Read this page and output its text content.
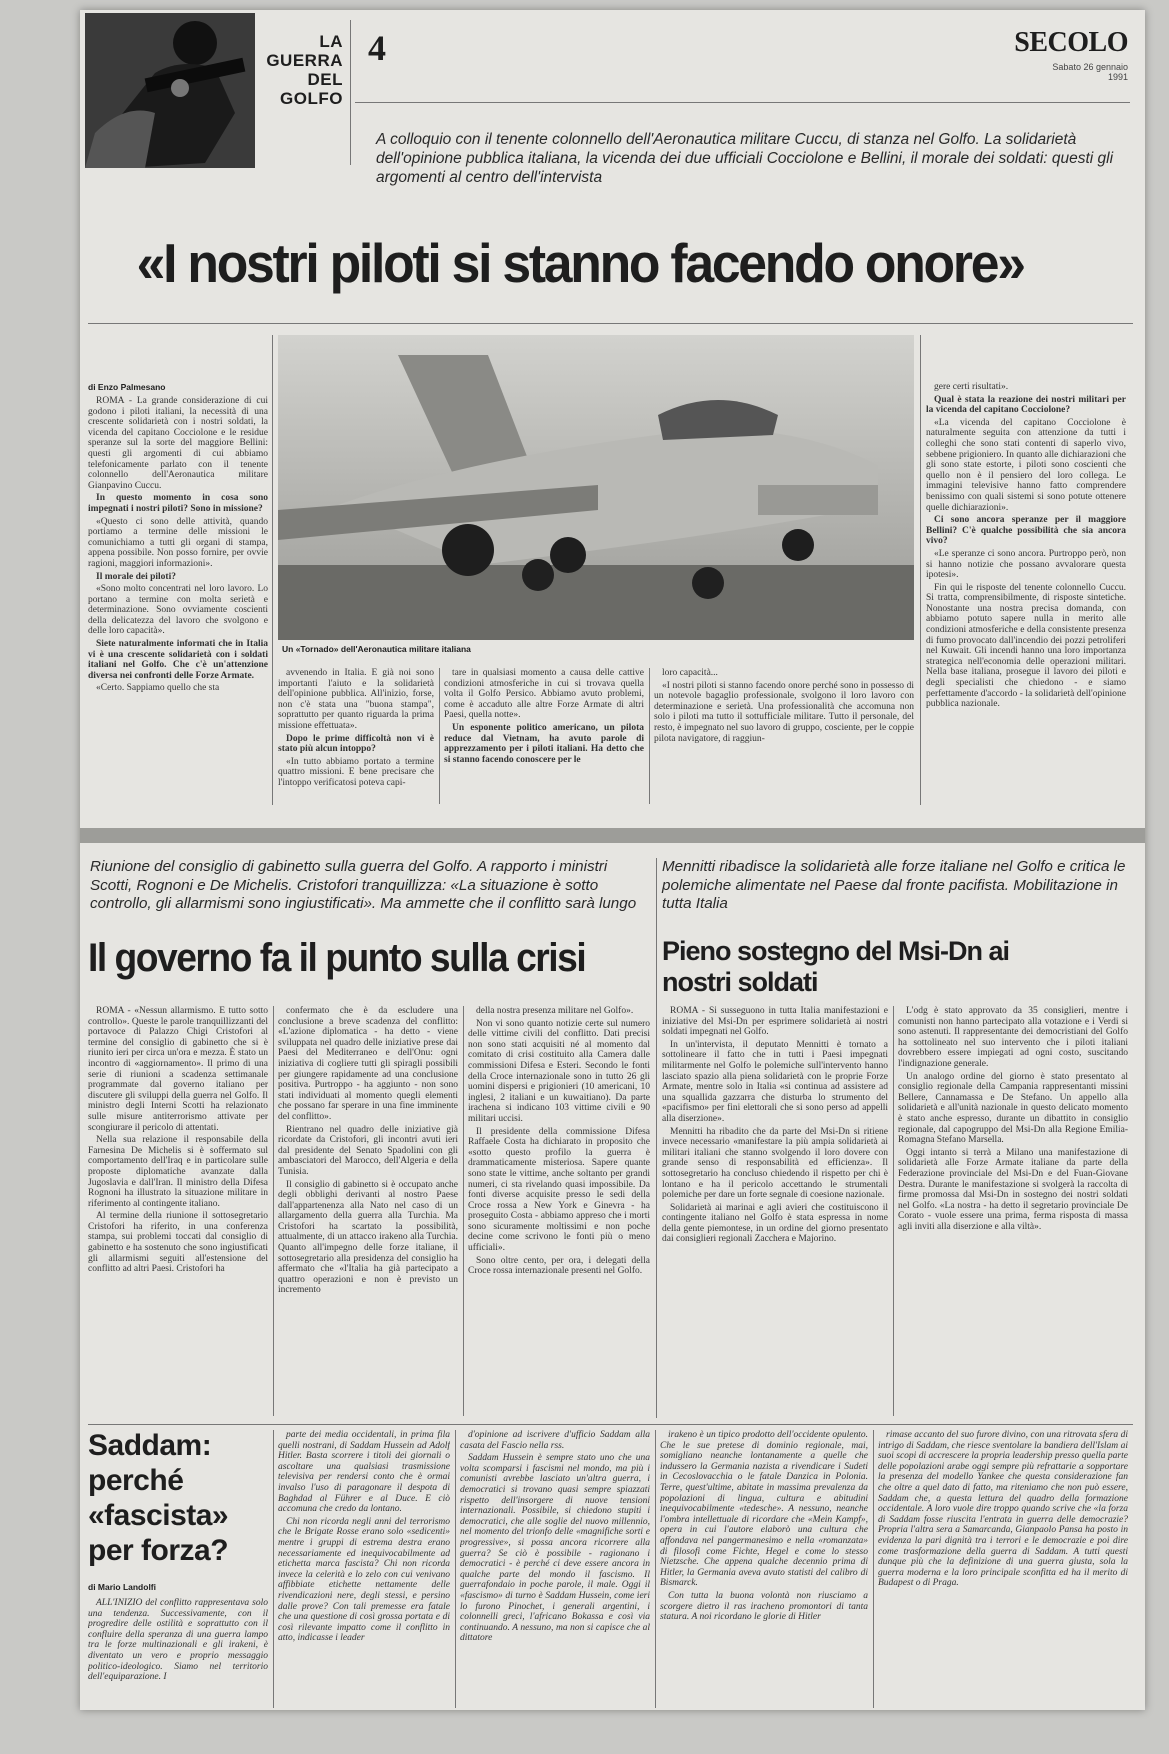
LA GUERRA DEL GOLFO
4	SECOLO
Sabato 26 gennaio 1991
A colloquio con il tenente colonnello dell'Aeronautica militare Cuccu, di stanza nel Golfo. La solidarietà dell'opinione pubblica italiana, la vicenda dei due ufficiali Cocciolone e Bellini, il morale dei soldati: questi gli argomenti al centro dell'intervista
«I nostri piloti si stanno facendo onore»
di Enzo Palmesano

ROMA - La grande considerazione di cui godono i piloti italiani, la necessità di una crescente solidarietà con i nostri soldati, la vicenda del capitano Cocciolone e le residue speranze sul la sorte del maggiore Bellini: questi gli argomenti di cui abbiamo telefonicamente parlato con il tenente colonnello dell'Aeronautica militare Gianpavino Cuccu.

In questo momento in cosa sono impegnati i nostri piloti? Sono in missione?

«Questo ci sono delle attività, quando portiamo a termine delle missioni le comunichiamo a tutti gli organi di stampa, appena possibile. Non posso fornire, per ovvie ragioni, maggiori informazioni».

Il morale dei piloti?

«Sono molto concentrati nel loro lavoro. Lo portano a termine con molta serietà e determinazione. Sono ovviamente coscienti della delicatezza del lavoro che svolgono e delle loro capacità».

Siete naturalmente informati che in Italia vi è una crescente solidarietà con i soldati italiani nel Golfo. Che c'è un'attenzione diversa nei confronti delle Forze Armate.

«Certo. Sappiamo quello che sta

Un «Tornado» dell'Aeronautica militare italiana

gere certi risultati».

Qual è stata la reazione dei nostri militari per la vicenda del capitano Cocciolone?

«La vicenda del capitano Cocciolone è naturalmente seguita con attenzione da tutti i colleghi che sono stati contenti di saperlo vivo, sebbene prigioniero. In quanto alle dichiarazioni che gli sono state estorte, i piloti sono coscienti che quello non è il pensiero del loro collega. Le immagini televisive hanno fatto comprendere benissimo con quali sistemi si sono potute ottenere quelle dichiarazioni».

Ci sono ancora speranze per il maggiore Bellini? C'è qualche possibilità che sia ancora vivo?

«Le speranze ci sono ancora. Purtroppo però, non si hanno notizie che possano avvalorare questa ipotesi».

Fin qui le risposte del tenente colonnello Cuccu. Si tratta, comprensibilmente, di risposte sintetiche. Nonostante una nostra precisa domanda, con abbiamo potuto sapere nulla in merito alle condizioni atmosferiche e della consistente presenza di fumo provocato dall'incendio dei pozzi petroliferi nel Kuwait. Gli incendi hanno una loro importanza strategica nell'economia delle operazioni militari. Nella base italiana, prosegue il lavoro dei piloti e degli specialisti che chiedono - e siamo perfettamente d'accordo - la solidarietà dell'opinione pubblica nazionale.

avvenendo in Italia. E già noi sono importanti l'aiuto e la solidarietà dell'opinione pubblica. All'inizio, forse, non c'è stata una "buona stampa", soprattutto per quanto riguarda la prima missione effettuata».

Dopo le prime difficoltà non vi è stato più alcun intoppo?

«In tutto abbiamo portato a termine quattro missioni. E bene precisare che l'intoppo verificatosi poteva capi-

tare in qualsiasi momento a causa delle cattive condizioni atmosferiche in cui si trovava quella volta il Golfo Persico. Abbiamo avuto problemi, come è accaduto alle altre Forze Armate di altri Paesi, quella notte».

Un esponente politico americano, un pilota reduce dal Vietnam, ha avuto parole di apprezzamento per i piloti italiani. Ha detto che si stanno facendo conoscere per le

loro capacità...

«I nostri piloti si stanno facendo onore perché sono in possesso di un notevole bagaglio professionale, svolgono il loro lavoro con determinazione e serietà. Una professionalità che accomuna non solo i piloti ma tutto il sottufficiale militare. Tutto il personale, del resto, è impegnato nel suo lavoro di gruppo, cosciente, per le coppie pilota navigatore, di raggiun-

Riunione del consiglio di gabinetto sulla guerra del Golfo. A rapporto i ministri Scotti, Rognoni e De Michelis. Cristofori tranquillizza: «La situazione è sotto controllo, gli allarmismi sono ingiustificati». Ma ammette che il conflitto sarà lungo
Il governo fa il punto sulla crisi

ROMA - «Nessun allarmismo. E tutto sotto controllo». Queste le parole tranquillizzanti del portavoce di Palazzo Chigi Cristofori al termine del consiglio di gabinetto che si è riunito ieri per circa un'ora e mezza. È stato un incontro di «aggiornamento». Il primo di una serie di riunioni a scadenza settimanale programmate dal governo italiano per discutere gli sviluppi della guerra nel Golfo. Il ministro degli Interni Scotti ha relazionato sulle misure antiterrorismo attivate per scongiurare il pericolo di attentati.

Nella sua relazione il responsabile della Farnesina De Michelis si è soffermato sul comportamento dell'Iraq e in particolare sulle proposte diplomatiche avanzate dalla Jugoslavia e dall'Iran. Il ministro della Difesa Rognoni ha illustrato la situazione militare in riferimento al contingente italiano.

Al termine della riunione il sottosegretario Cristofori ha riferito, in una conferenza stampa, sui problemi toccati dal consiglio di gabinetto e ha sostenuto che sono ingiustificati gli allarmismi seguiti all'estensione del conflitto ad altri Paesi. Cristofori ha

confermato che è da escludere una conclusione a breve scadenza del conflitto: «L'azione diplomatica - ha detto - viene sviluppata nel quadro delle iniziative prese dai Paesi del Mediterraneo e dell'Onu: ogni iniziativa di cogliere tutti gli spiragli possibili per giungere rapidamente ad una conclusione positiva. Purtroppo - ha aggiunto - non sono stati individuati al momento quegli elementi che possano far sperare in una fine imminente del conflitto».

Rientrano nel quadro delle iniziative già ricordate da Cristofori, gli incontri avuti ieri dal presidente del Senato Spadolini con gli ambasciatori del Marocco, dell'Algeria e della Tunisia.

Il consiglio di gabinetto si è occupato anche degli obblighi derivanti al nostro Paese dall'appartenenza alla Nato nel caso di un allargamento della guerra alla Turchia. Ma Cristofori ha scartato la possibilità, attualmente, di un attacco irakeno alla Turchia. Quanto all'impegno delle forze italiane, il sottosegretario alla presidenza del consiglio ha affermato che «l'Italia ha già partecipato a quattro operazioni e non è previsto un incremento

della nostra presenza militare nel Golfo».

Non vi sono quanto notizie certe sul numero delle vittime civili del conflitto. Dati precisi non sono stati acquisiti né al momento dal comitato di crisi costituito alla Camera dalle commissioni Difesa e Esteri. Secondo le fonti della Croce internazionale sono in tutto 26 gli uomini dispersi e prigionieri (10 americani, 10 inglesi, 2 italiani e un kuwaitiano). Da parte irachena si indicano 103 vittime civili e 90 militari uccisi.

Il presidente della commissione Difesa Raffaele Costa ha dichiarato in proposito che «sotto questo profilo la guerra è drammaticamente misteriosa. Sapere quante sono state le vittime, anche soltanto per grandi numeri, ci sta rivelando quasi impossibile. Da fonti diverse acquisite presso le sedi della Croce rossa a New York e Ginevra - ha proseguito Costa - abbiamo appreso che i morti sono sicuramente moltissimi e non poche decine come scrivono le fonti più o meno ufficiali».

Sono oltre cento, per ora, i delegati della Croce rossa internazionale presenti nel Golfo.

Mennitti ribadisce la solidarietà alle forze italiane nel Golfo e critica le polemiche alimentate nel Paese dal fronte pacifista. Mobilitazione in tutta Italia
Pieno sostegno del Msi-Dn ai nostri soldati

ROMA - Si susseguono in tutta Italia manifestazioni e iniziative del Msi-Dn per esprimere solidarietà ai nostri soldati impegnati nel Golfo.

In un'intervista, il deputato Mennitti è tornato a sottolineare il fatto che in tutti i Paesi impegnati militarmente nel Golfo le polemiche sull'intervento hanno lasciato spazio alla piena solidarietà con le proprie Forze Armate, mentre solo in Italia «si continua ad assistere ad una squallida gazzarra che disturba lo strumento del «pacifismo» per fini elettorali che si sono perso ad appelli alla diserzione».

Mennitti ha ribadito che da parte del Msi-Dn si ritiene invece necessario «manifestare la più ampia solidarietà ai militari italiani che stanno svolgendo il loro dovere con grande senso di responsabilità ed efficienza». Il sottosegretario ha concluso chiedendo il rispetto per chi è lontano e ha il pericolo accettando le strumentali polemiche per dare un forte segnale di coesione nazionale.

Solidarietà ai marinai e agli avieri che costituiscono il contingente italiano nel Golfo è stata espressa in nome della gente piemontese, in un ordine del giorno presentato dai consiglieri regionali Zacchera e Majorino.

L'odg è stato approvato da 35 consiglieri, mentre i comunisti non hanno partecipato alla votazione e i Verdi si sono astenuti. Il rappresentante dei democristiani del Golfo ha sottolineato nel suo intervento che i piloti italiani dovrebbero essere impiegati ad ogni costo, suscitando l'indignazione generale.

Un analogo ordine del giorno è stato presentato al consiglio regionale della Campania rappresentanti missini Bellere, Cannamassa e De Stefano. Un appello alla solidarietà e all'unità nazionale in questo delicato momento è stato anche espresso, durante un dibattito in consiglio regionale, dal capogruppo del Msi-Dn alla Regione Emilia-Romagna Stefano Marsella.

Oggi intanto si terrà a Milano una manifestazione di solidarietà alle Forze Armate italiane da parte della Federazione provinciale del Msi-Dn e del Fuan-Giovane Destra. Durante le manifestazione si svolgerà la raccolta di firme promossa dal Msi-Dn in sostegno dei nostri soldati nel Golfo. «La nostra - ha detto il segretario provinciale De Corato - vuole essere una prima, ferma risposta di massa agli inviti alla diserzione e alla viltà».

Saddam: perché «fascista» per forza?
di Mario Landolfi

ALL'INIZIO del conflitto rappresentava solo una tendenza. Successivamente, con il progredire delle ostilità e soprattutto con il confluire della speranza di una guerra lampo tra le forze multinazionali e gli irakeni, è diventato un vero e proprio messaggio politico-ideologico. Siamo nel territorio dell'equiparazione. I

parte dei media occidentali, in prima fila quelli nostrani, di Saddam Hussein ad Adolf Hitler. Basta scorrere i titoli dei giornali o ascoltare una qualsiasi trasmissione televisiva per rendersi conto che è ormai invalso l'uso di paragonare il despota di Baghdad al Führer e al Duce. E ciò accomuna che credo da lontano.

Chi non ricorda negli anni del terrorismo che le Brigate Rosse erano solo «sedicenti» mentre i gruppi di estrema destra erano necessariamente ed inequivocabilmente ad etichetta marca fascista? Chi non ricorda invece la celerità e lo zelo con cui venivano affibbiate etichette nettamente delle rivendicazioni nere, degli stessi, e persino dalle prove? Con tali premesse era fatale che una questione di così grossa portata e di così rilevante impatto come il conflitto in atto, indicasse i leader

d'opinione ad iscrivere d'ufficio Saddam alla casata del Fascio nella rss.

Saddam Hussein è sempre stato uno che una volta scomparsi i fascismi nel mondo, ma più i comunisti avrebbe lasciato un'altra guerra, i democratici si trovano quasi sempre spiazzati rispetto dell'insorgere di nuove tensioni internazionali. Possibile, si chiedono stupiti i democratici, che alle soglie del nuovo millennio, nel momento del trionfo delle «magnifiche sorti e progressive», si possa ancora ricorrere alla guerra? Se ciò è possibile - ragionano i democratici - è perché ci deve essere ancora in qualche parte del mondo il fascismo. Il guerrafondaio in poche parole, il male. Oggi il «fascismo» di turno è Saddam Hussein, come ieri lo furono Pinochet, i generali argentini, i colonnelli greci, l'africano Bokassa e così via continuando. A nessuno, ma non si capisce che al dittatore

irakeno è un tipico prodotto dell'occidente opulento. Che le sue pretese di dominio regionale, mai, somigliano neanche lontanamente a quelle che indussero la Germania nazista a rivendicare i Sudeti in Cecoslovacchia o le fatale Danzica in Polonia. Terre, quest'ultime, abitate in massima prevalenza da popolazioni di lingua, cultura e abitudini inequivocabilmente «tedesche». A nessuno, neanche l'ombra intellettuale di ricordare che «Mein Kampf», opera in cui l'autore elaborò una cultura che affondava nel pangermanesimo e nella «romanzata» di filosofi come Fichte, Hegel e come lo stesso Nietzsche. Che appena qualche decennio prima di Hitler, la Germania aveva avuto statisti del calibro di Bismarck.

Con tutta la buona volontà non riusciamo a scorgere dietro il ras iracheno promontori di tanta statura. A noi ricordano le glorie di Hitler

rimase accanto del suo furore divino, con una ritrovata sfera di intrigo di Saddam, che riesce sventolare la bandiera dell'Islam ai suoi scopi di accrescere la propria leadership presso quella parte delle popolazioni arabe oggi sempre più refrattarie a sopportare la presenza del modello Yankee che questa considerazione fan che oltre a quel dato di fatto, ma riteniamo che non può essere, Saddam che, a questa lettura del quadro della formazione occidentale. A loro vuole dire troppo quando scrive che «la forza di Saddam fosse riuscita l'entrata in guerra delle democrazie? Propria l'altra sera a Samarcanda, Gianpaolo Pansa ha posto in evidenza la pari dignità tra i terrori e le democrazie e poi dire come trasformazione della guerra di Saddam. A tutti questi dunque più che la definizione di una guerra giusta, sola la guerra moderna e la loro principale sconfitta ed ha il merito di Budapest o di Praga.
